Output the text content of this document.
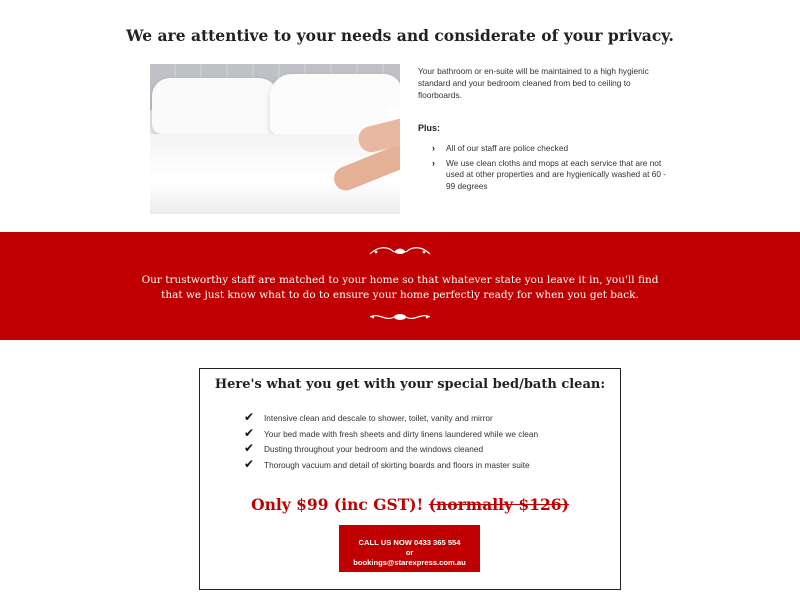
We are attentive to your needs and considerate of your privacy.

Your bathroom or en-suite will be maintained to a high hygienic standard and your bedroom cleaned from bed to ceiling to floorboards.

Plus:
› All of our staff are police checked
› We use clean cloths and mops at each service that are not used at other properties and are hygienically washed at 60 - 99 degrees

Our trustworthy staff are matched to your home so that whatever state you leave it in, you'll find that we just know what to do to ensure your home perfectly ready for when you get back.

Here's what you get with your special bed/bath clean:
✔ Intensive clean and descale to shower, toilet, vanity and mirror
✔ Your bed made with fresh sheets and dirty linens laundered while we clean
✔ Dusting throughout your bedroom and the windows cleaned
✔ Thorough vacuum and detail of skirting boards and floors in master suite
Only $99 (inc GST)! (normally $126)
CALL US NOW 0433 365 554
or
bookings@starexpress.com.au
